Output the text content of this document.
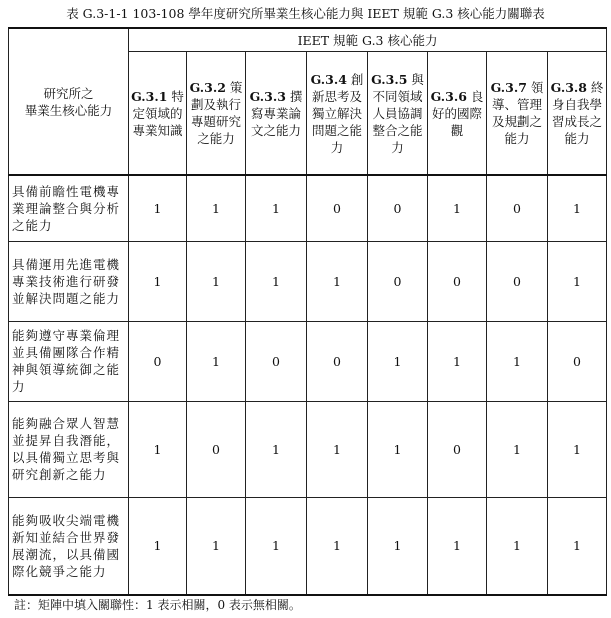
表 G.3-1-1 103-108 學年度研究所畢業生核心能力與 IEET 規範 G.3 核心能力關聯表
研究所之
畢業生核心能力	IEET 規範 G.3 核心能力							
	G.3.1 特定領域的專業知識	G.3.2 策劃及執行專題研究之能力	G.3.3 撰寫專業論文之能力	G.3.4 創新思考及獨立解決問題之能力	G.3.5 與不同領域人員協調整合之能力	G.3.6 良好的國際觀	G.3.7 領導、管理及規劃之能力	G.3.8 終身自我學習成長之能力
具備前瞻性電機專業理論整合與分析之能力	1	1	1	0	0	1	0	1
具備運用先進電機專業技術進行研發並解決問題之能力	1	1	1	1	0	0	0	1
能夠遵守專業倫理並具備團隊合作精神與領導統御之能力	0	1	0	0	1	1	1	0
能夠融合眾人智慧並提昇自我潛能，以具備獨立思考與研究創新之能力	1	0	1	1	1	0	1	1
能夠吸收尖端電機新知並結合世界發展潮流，以具備國際化競爭之能力	1	1	1	1	1	1	1	1
註：矩陣中填入關聯性：1 表示相關，0 表示無相關。
